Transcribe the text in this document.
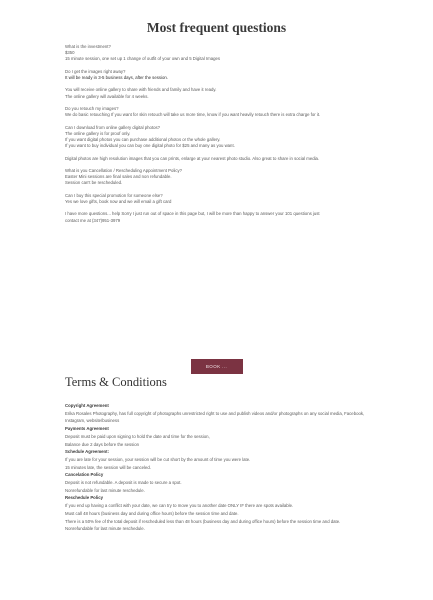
Most frequent questions

What is the investment?

$350

15 minute session, one set up 1 change of outfit of your own and 5 Digital Images

Do I get the images right away?

It will be ready in 3-5 business days, after the session.

You will receive online gallery to share with friends and family and have it ready.

The online gallery will available for 4 weeks.

Do you retouch my images?

We do basic retouching If you want for skin retouch will take us more time, know if you want heavily retouch there is extra charge for it.

Can I download from online gallery digital photos?

The online gallery is for proof only.

If you want digital photos you can purchase additional photos or the whole gallery.

If you want to buy individual you can buy one digital photo for $25 and many as you want.

Digital photos are high resolution images that you can prints, enlarge at your nearest photo studio. Also great to share in social media.

What is you Cancellation / Rescheduling Appointment Policy?

Easter Mini sessions are final sales and non refundable.

Session can't be rescheduled.

Can I buy this special promotion for someone else?

Yes we love gifts, book now and we will email a gift card

I have more questions... help Sorry I just run out of space in this page but, I will be more than happy to answer your 101 questions just

contact me at (347)951-3979

BOOK ...
Terms & Conditions

Copyright Agreement

Erika Rosales Photography, has full copyright of photographs unrestricted right to use and publish videos and/or photographs on any social media, Facebook, Instagram, website/business

Payments Agreement

Deposit must be paid upon signing to hold the date and time for the session,

Balance due 2 days before the session

Schedule Agreement:

If you are late for your session, your session will be cut short by the amount of time you were late.

15 minutes late, the session will be canceled.

Cancelation Policy

Deposit is not refundable. A deposit is made to secure a spot.

Nonrefundable for last minute reschedule.

Reschedule Policy

If you end up having a conflict with your date, we can try to move you to another date ONLY IF there are spots available.

Must call 48 hours (business day and during office hours) before the session time and date.

There is a 50% fee of the total deposit if rescheduled less than 48 hours (business day and during office hours) before the session time and date.

Nonrefundable for last minute reschedule.
